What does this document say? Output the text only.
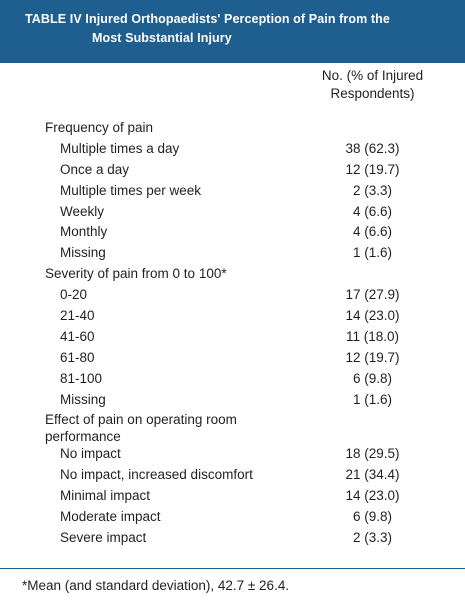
TABLE IV Injured Orthopaedists' Perception of Pain from the
Most Substantial Injury
No. (% of Injured
Respondents)
Frequency of pain
Multiple times a day	38 (62.3)
Once a day	12 (19.7)
Multiple times per week	2 (3.3)
Weekly	4 (6.6)
Monthly	4 (6.6)
Missing	1 (1.6)
Severity of pain from 0 to 100*
0-20	17 (27.9)
21-40	14 (23.0)
41-60	11 (18.0)
61-80	12 (19.7)
81-100	6 (9.8)
Missing	1 (1.6)
Effect of pain on operating room
performance
No impact	18 (29.5)
No impact, increased discomfort	21 (34.4)
Minimal impact	14 (23.0)
Moderate impact	6 (9.8)
Severe impact	2 (3.3)
*Mean (and standard deviation), 42.7 ± 26.4.
